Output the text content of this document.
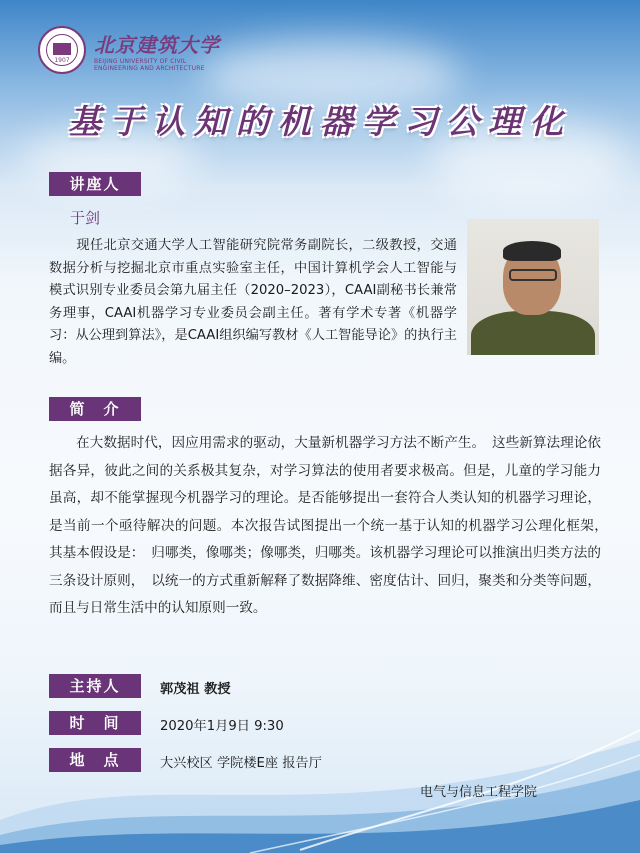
1907
北京建筑大学
BEIJING UNIVERSITY OF CIVIL
ENGINEERING AND ARCHITECTURE
基于认知的机器学习公理化
讲座人
于剑
现任北京交通大学人工智能研究院常务副院长，二级教授，交通数据分析与挖掘北京市重点实验室主任，中国计算机学会人工智能与模式识别专业委员会第九届主任（2020–2023），CAAI副秘书长兼常务理事，CAAI机器学习专业委员会副主任。著有学术专著《机器学习：从公理到算法》，是CAAI组织编写教材《人工智能导论》的执行主编。
简　介
在大数据时代，因应用需求的驱动，大量新机器学习方法不断产生。　这些新算法理论依据各异，彼此之间的关系极其复杂，对学习算法的使用者要求极高。但是，儿童的学习能力虽高，却不能掌握现今机器学习的理论。是否能够提出一套符合人类认知的机器学习理论，是当前一个亟待解决的问题。本次报告试图提出一个统一基于认知的机器学习公理化框架，　其基本假设是：　归哪类，像哪类；像哪类，归哪类。该机器学习理论可以推演出归类方法的三条设计原则，　以统一的方式重新解释了数据降维、密度估计、回归，聚类和分类等问题，而且与日常生活中的认知原则一致。
主持人	郭茂祖 教授
时　间	2020年1月9日 9:30
地　点	大兴校区 学院楼E座 报告厅
电气与信息工程学院
